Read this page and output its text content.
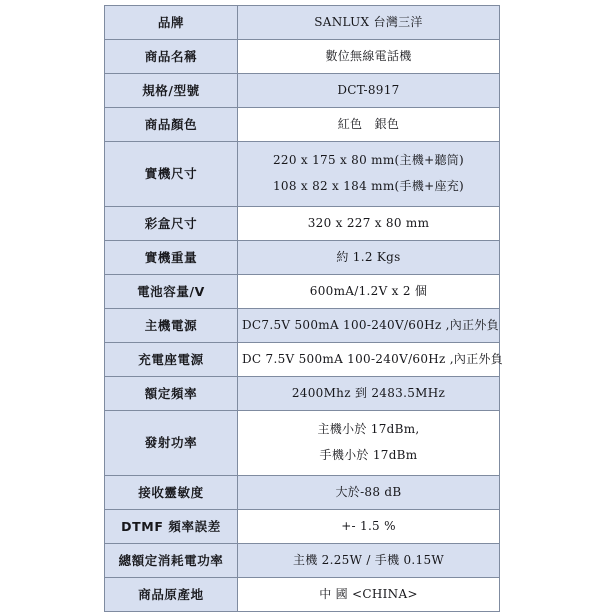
品牌	SANLUX 台灣三洋

商品名稱	數位無線電話機

規格/型號	DCT-8917

商品顏色	紅色　銀色

實機尺寸	220 x 175 x 80 mm(主機+聽筒)
108 x 82 x 184 mm(手機+座充)

彩盒尺寸	320 x 227 x 80 mm

實機重量	約 1.2 Kgs

電池容量/V	600mA/1.2V x 2 個

主機電源	DC7.5V 500mA 100-240V/60Hz ,內正外負

充電座電源	DC 7.5V 500mA 100-240V/60Hz ,內正外負

額定頻率	2400Mhz 到 2483.5MHz

發射功率	主機小於 17dBm,
手機小於 17dBm

接收靈敏度	大於-88 dB

DTMF 頻率誤差	+- 1.5 %

總額定消耗電功率	主機 2.25W / 手機 0.15W

商品原產地	中 國 <CHINA>
